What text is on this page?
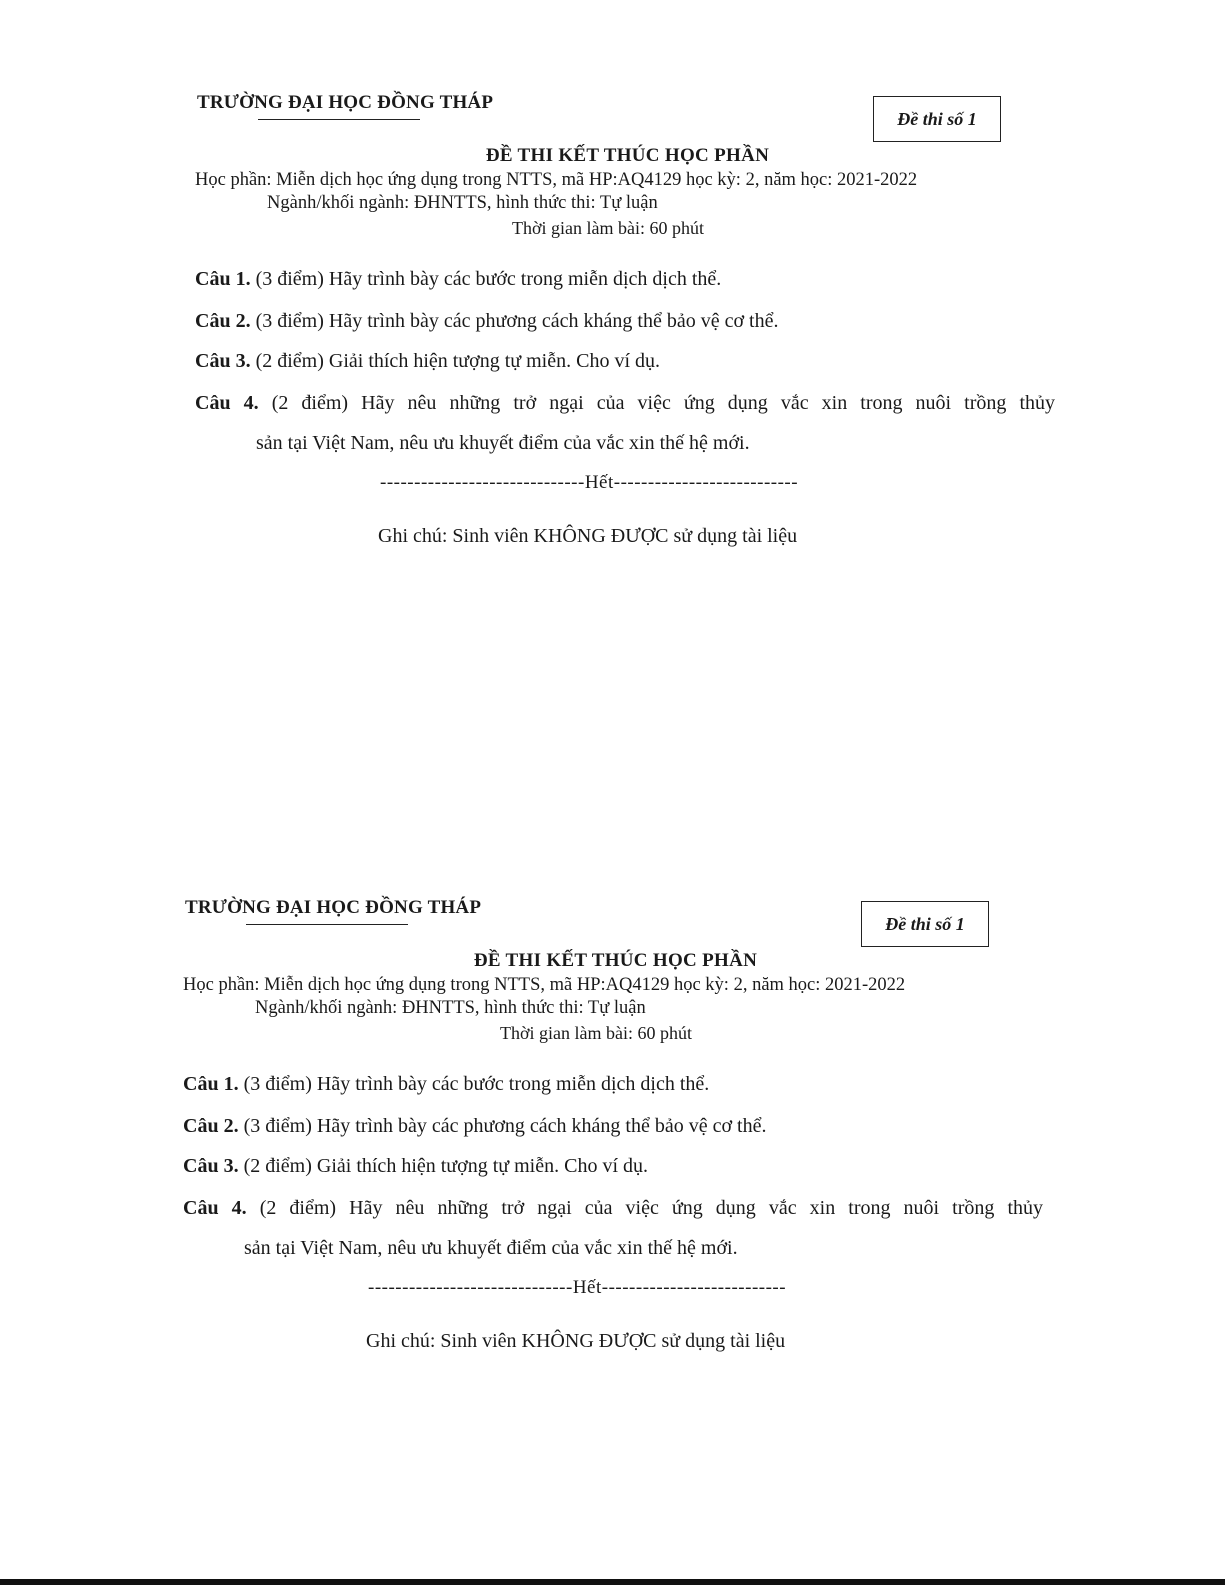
TRƯỜNG ĐẠI HỌC ĐỒNG THÁP
Đề thi số 1
ĐỀ THI KẾT THÚC HỌC PHẦN
Học phần: Miễn dịch học ứng dụng trong NTTS, mã HP:AQ4129 học kỳ: 2, năm học: 2021-2022
Ngành/khối ngành: ĐHNTTS, hình thức thi: Tự luận
Thời gian làm bài: 60 phút
Câu 1. (3 điểm) Hãy trình bày các bước trong miễn dịch dịch thể.
Câu 2. (3 điểm) Hãy trình bày các phương cách kháng thể bảo vệ cơ thể.
Câu 3. (2 điểm) Giải thích hiện tượng tự miễn. Cho ví dụ.
Câu 4. (2 điểm) Hãy nêu những trở ngại của việc ứng dụng vắc xin trong nuôi trồng thủy
sản tại Việt Nam, nêu ưu khuyết điểm của vắc xin thế hệ mới.
------------------------------Hết---------------------------
Ghi chú: Sinh viên KHÔNG ĐƯỢC sử dụng tài liệu
TRƯỜNG ĐẠI HỌC ĐỒNG THÁP
Đề thi số 1
ĐỀ THI KẾT THÚC HỌC PHẦN
Học phần: Miễn dịch học ứng dụng trong NTTS, mã HP:AQ4129 học kỳ: 2, năm học: 2021-2022
Ngành/khối ngành: ĐHNTTS, hình thức thi: Tự luận
Thời gian làm bài: 60 phút
Câu 1. (3 điểm) Hãy trình bày các bước trong miễn dịch dịch thể.
Câu 2. (3 điểm) Hãy trình bày các phương cách kháng thể bảo vệ cơ thể.
Câu 3. (2 điểm) Giải thích hiện tượng tự miễn. Cho ví dụ.
Câu 4. (2 điểm) Hãy nêu những trở ngại của việc ứng dụng vắc xin trong nuôi trồng thủy
sản tại Việt Nam, nêu ưu khuyết điểm của vắc xin thế hệ mới.
------------------------------Hết---------------------------
Ghi chú: Sinh viên KHÔNG ĐƯỢC sử dụng tài liệu
